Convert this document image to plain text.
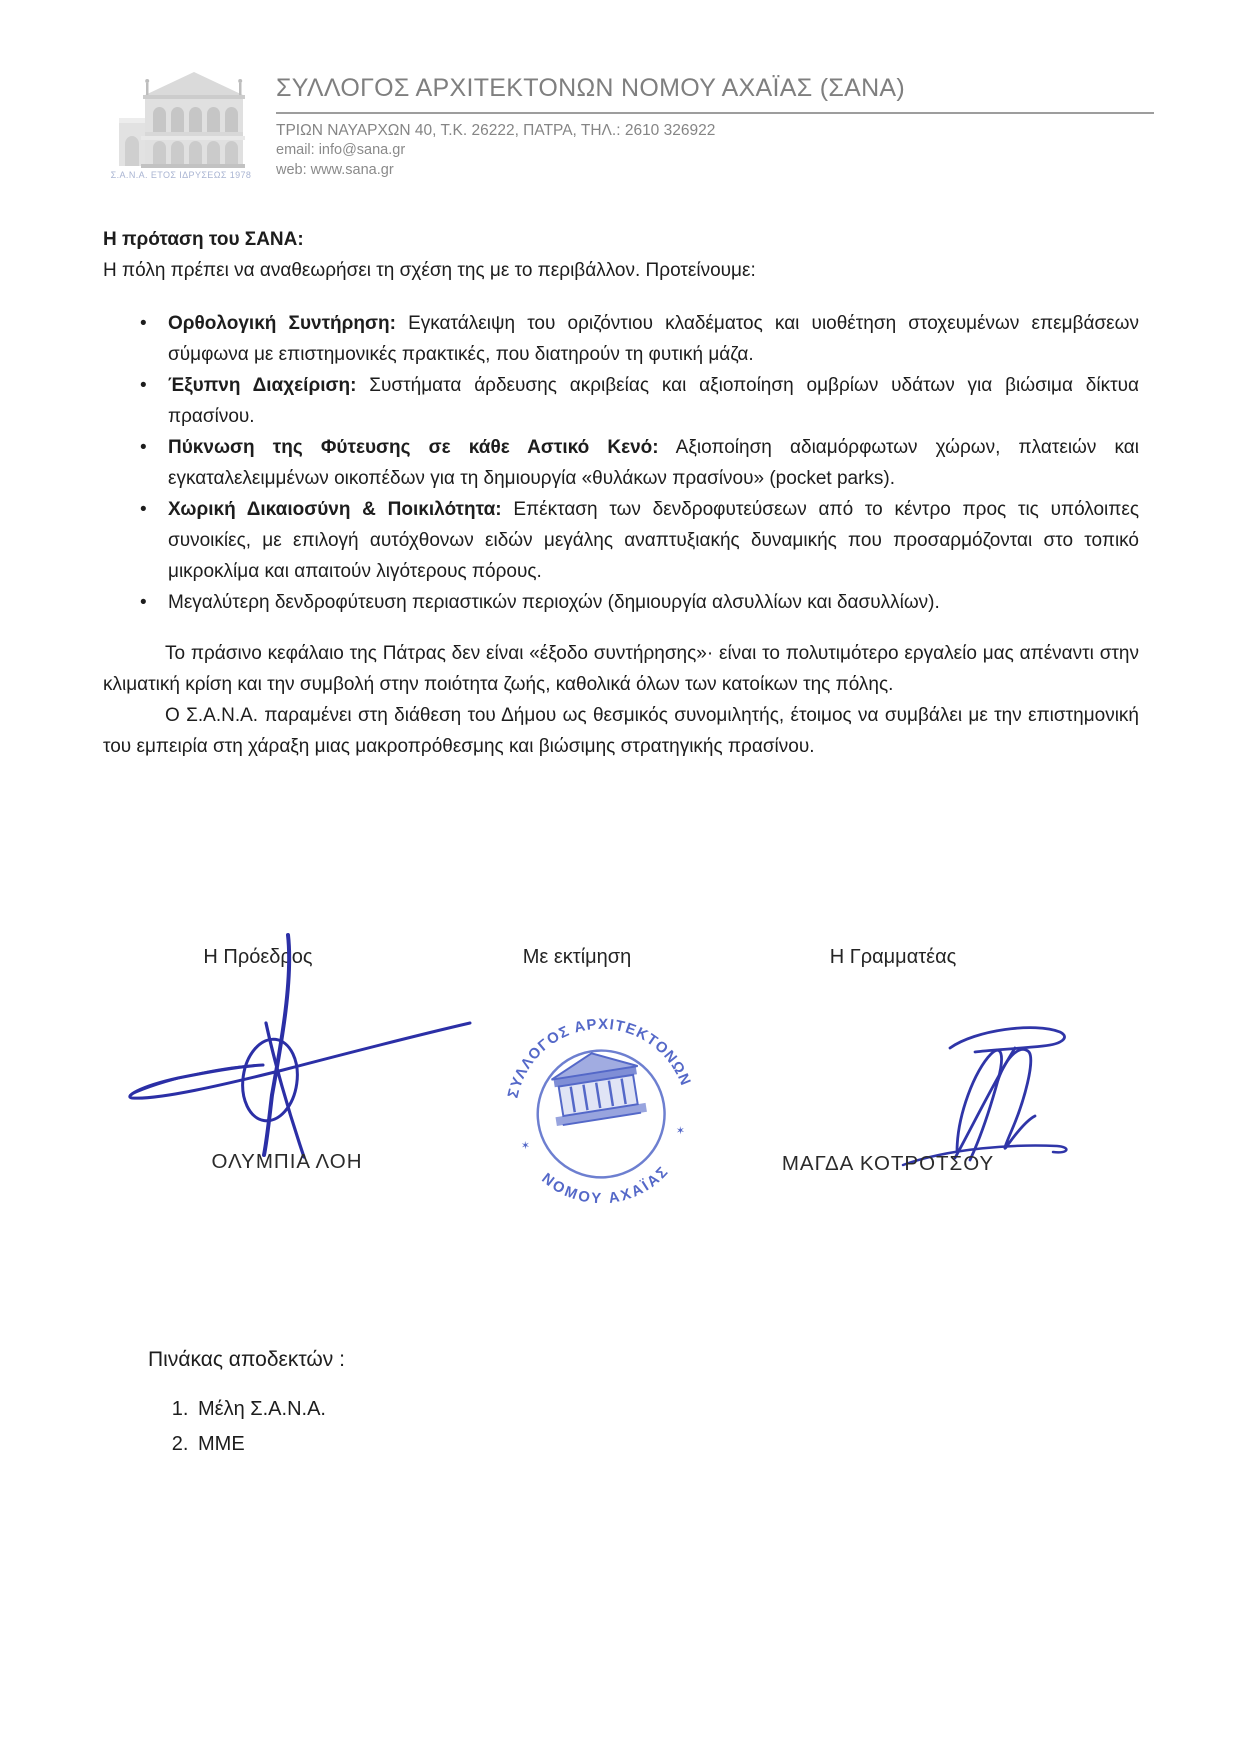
Σ.Α.Ν.Α. ΕΤΟΣ ΙΔΡΥΣΕΩΣ 1978
ΣΥΛΛΟΓΟΣ ΑΡΧΙΤΕΚΤΟΝΩΝ ΝΟΜΟΥ ΑΧΑΪΑΣ (ΣΑΝΑ)
ΤΡΙΩΝ ΝΑΥΑΡΧΩΝ 40, Τ.Κ. 26222, ΠΑΤΡΑ, ΤΗΛ.: 2610 326922
email: info@sana.gr
web: www.sana.gr
Η πρόταση του ΣΑΝΑ:
Η πόλη πρέπει να αναθεωρήσει τη σχέση της με το περιβάλλον. Προτείνουμε:
• Ορθολογική Συντήρηση: Εγκατάλειψη του οριζόντιου κλαδέματος και υιοθέτηση στοχευμένων επεμβάσεων σύμφωνα με επιστημονικές πρακτικές, που διατηρούν τη φυτική μάζα.
• Έξυπνη Διαχείριση: Συστήματα άρδευσης ακριβείας και αξιοποίηση ομβρίων υδάτων για βιώσιμα δίκτυα πρασίνου.
• Πύκνωση της Φύτευσης σε κάθε Αστικό Κενό: Αξιοποίηση αδιαμόρφωτων χώρων, πλατειών και εγκαταλελειμμένων οικοπέδων για τη δημιουργία «θυλάκων πρασίνου» (pocket parks).
• Χωρική Δικαιοσύνη & Ποικιλότητα: Επέκταση των δενδροφυτεύσεων από το κέντρο προς τις υπόλοιπες συνοικίες, με επιλογή αυτόχθονων ειδών μεγάλης αναπτυξιακής δυναμικής που προσαρμόζονται στο τοπικό μικροκλίμα και απαιτούν λιγότερους πόρους.
• Μεγαλύτερη δενδροφύτευση περιαστικών περιοχών (δημιουργία αλσυλλίων και δασυλλίων).

Το πράσινο κεφάλαιο της Πάτρας δεν είναι «έξοδο συντήρησης»· είναι το πολυτιμότερο εργαλείο μας απέναντι στην κλιματική κρίση και την συμβολή στην ποιότητα ζωής, καθολικά όλων των κατοίκων της πόλης.

Ο Σ.Α.Ν.Α. παραμένει στη διάθεση του Δήμου ως θεσμικός συνομιλητής, έτοιμος να συμβάλει με την επιστημονική του εμπειρία στη χάραξη μιας μακροπρόθεσμης και βιώσιμης στρατηγικής πρασίνου.

Η Πρόεδρος	Με εκτίμηση	Η Γραμματέας
ΣΥΛΛΟΓΟΣ ΑΡΧΙΤΕΚΤΟΝΩΝ
ΝΟΜΟΥ ΑΧΑΪΑΣ
✶
✶
ΟΛΥΜΠΙΑ ΛΟΗ	ΜΑΓΔΑ ΚΟΤΡΟΤΣΟΥ
Πινάκας αποδεκτών :
1. Μέλη Σ.Α.Ν.Α.
2. ΜΜΕ
